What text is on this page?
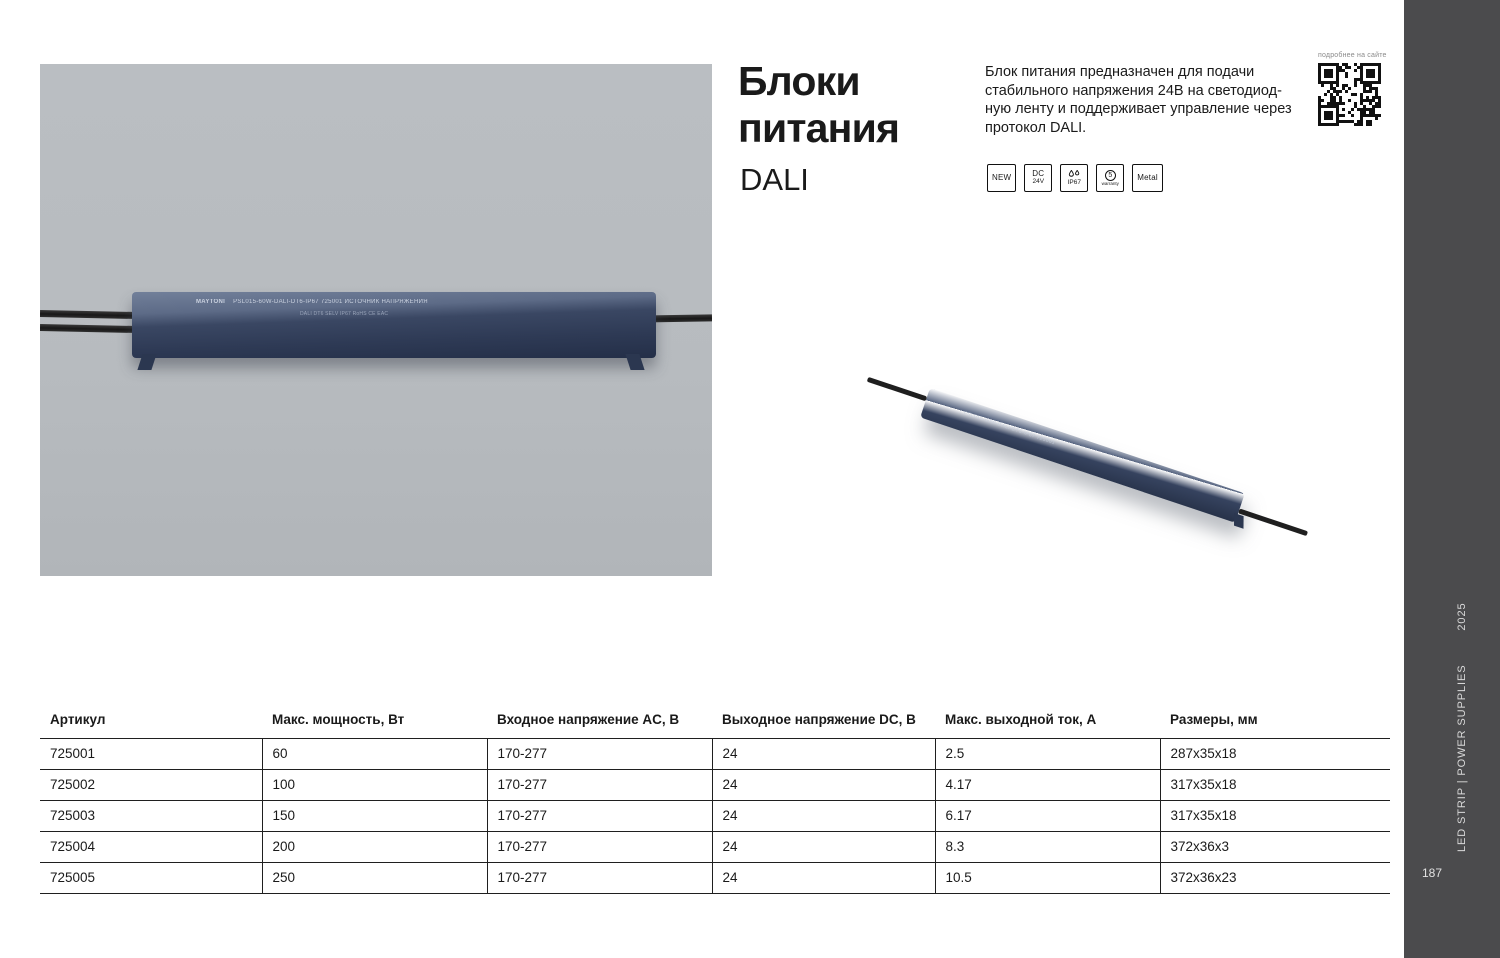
MAYTONI PSL015-60W-DALI-DT6-IP67 725001 ИСТОЧНИК НАПРЯЖЕНИЯ
DALI DT6 SELV IP67 RoHS CE EAC
PSL015-60W-DALI-DT6-IP67 725001
Блоки
питания
DALI
Блок питания предназначен для подачи
стабильного напряжения 24В на светодиод-
ную ленту и поддерживает управление через
протокол DALI.
подробнее на сайте
NEW	DC
24V	IP67
5
warranty
Metal
Артикул	Макс. мощность, Вт	Входное напряжение AC, В	Выходное напряжение DC, В	Макс. выходной ток, А	Размеры, мм
725001	60	170-277	24	2.5	287x35x18
725002	100	170-277	24	4.17	317x35x18
725003	150	170-277	24	6.17	317x35x18
725004	200	170-277	24	8.3	372x36x3
725005	250	170-277	24	10.5	372x36x23
LED STRIP | POWER SUPPLIES 2025
187
